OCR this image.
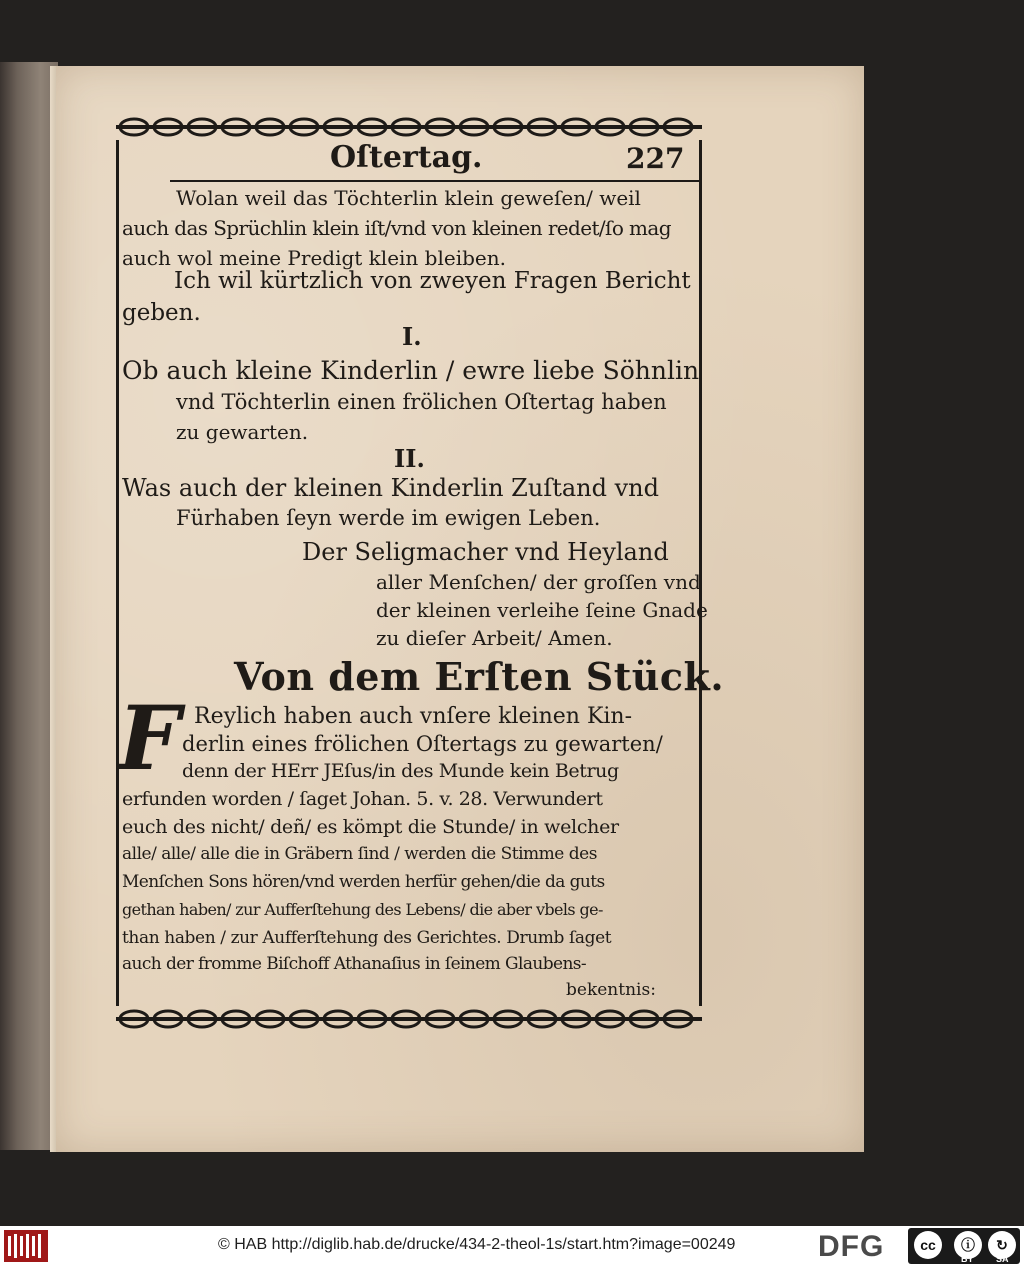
Oſtertag.	227
Wolan weil das Töchterlin klein geweſen/ weil
auch das Sprüchlin klein iſt/vnd von kleinen redet/ſo mag
auch wol meine Predigt klein bleiben.
Ich wil kürtzlich von zweyen Fragen Bericht
geben.
I.
Ob auch kleine Kinderlin / ewre liebe Söhnlin
vnd Töchterlin einen frölichen Oſtertag haben
zu gewarten.
II.
Was auch der kleinen Kinderlin Zuſtand vnd
Fürhaben ſeyn werde im ewigen Leben.
Der Seligmacher vnd Heyland
aller Menſchen/ der groſſen vnd
der kleinen verleihe ſeine Gnade
zu dieſer Arbeit/ Amen.
Von dem Erſten Stück.
F Reylich haben auch vnſere kleinen Kin-
derlin eines frölichen Oſtertags zu gewarten/
denn der HErr JEſus/in des Munde kein Betrug
erfunden worden / ſaget Johan. 5. v. 28. Verwundert
euch des nicht/ deñ/ es kömpt die Stunde/ in welcher
alle/ alle/ alle die in Gräbern ſind / werden die Stimme des
Menſchen Sons hören/vnd werden herfür gehen/die da guts
gethan haben/ zur Aufferſtehung des Lebens/ die aber vbels ge-
than haben / zur Aufferſtehung des Gerichtes. Drumb ſaget
auch der fromme Biſchoff Athanaſius in ſeinem Glaubens-
bekentnis:
© HAB http://diglib.hab.de/drucke/434-2-theol-1s/start.htm?image=00249	DFG	cc	ⓘ	↻
BY SA
